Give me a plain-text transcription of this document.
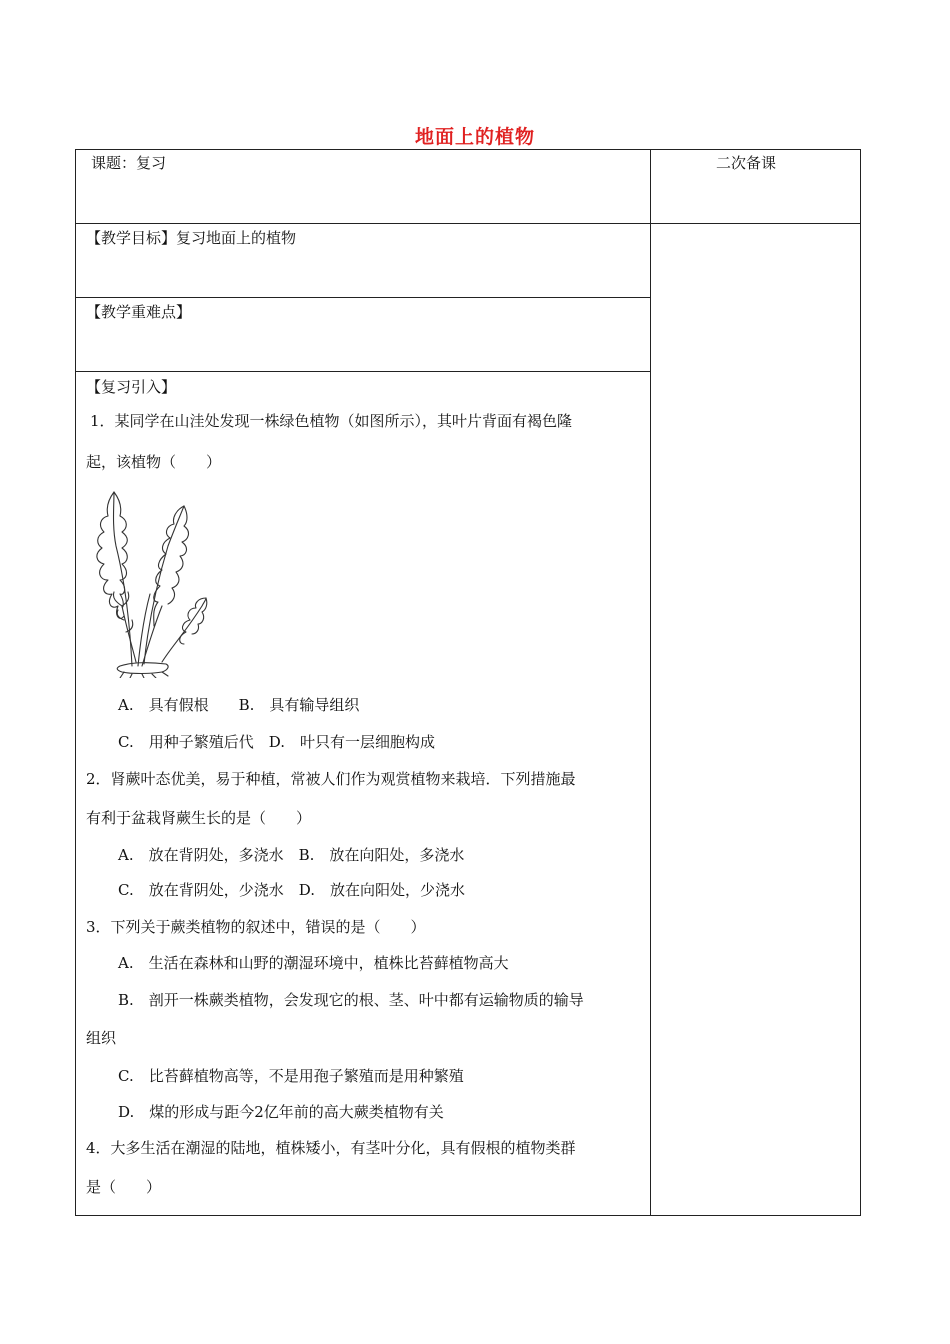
地面上的植物
课题：复习	二次备课
【教学目标】复习地面上的植物
【教学重难点】
【复习引入】
1．某同学在山洼处发现一株绿色植物（如图所示），其叶片背面有褐色隆
起，该植物（　　）
A.　具有假根　　B.　具有输导组织
C.　用种子繁殖后代　D.　叶只有一层细胞构成
2．肾蕨叶态优美，易于种植，常被人们作为观赏植物来栽培．下列措施最
有利于盆栽肾蕨生长的是（　　）
A.　放在背阴处，多浇水　B.　放在向阳处，多浇水
C.　放在背阴处，少浇水　D.　放在向阳处，少浇水
3．下列关于蕨类植物的叙述中，错误的是（　　）
A.　生活在森林和山野的潮湿环境中，植株比苔藓植物高大
B.　剖开一株蕨类植物，会发现它的根、茎、叶中都有运输物质的输导
组织
C.　比苔藓植物高等，不是用孢子繁殖而是用种繁殖
D.　煤的形成与距今2亿年前的高大蕨类植物有关
4．大多生活在潮湿的陆地，植株矮小，有茎叶分化，具有假根的植物类群
是（　　）
